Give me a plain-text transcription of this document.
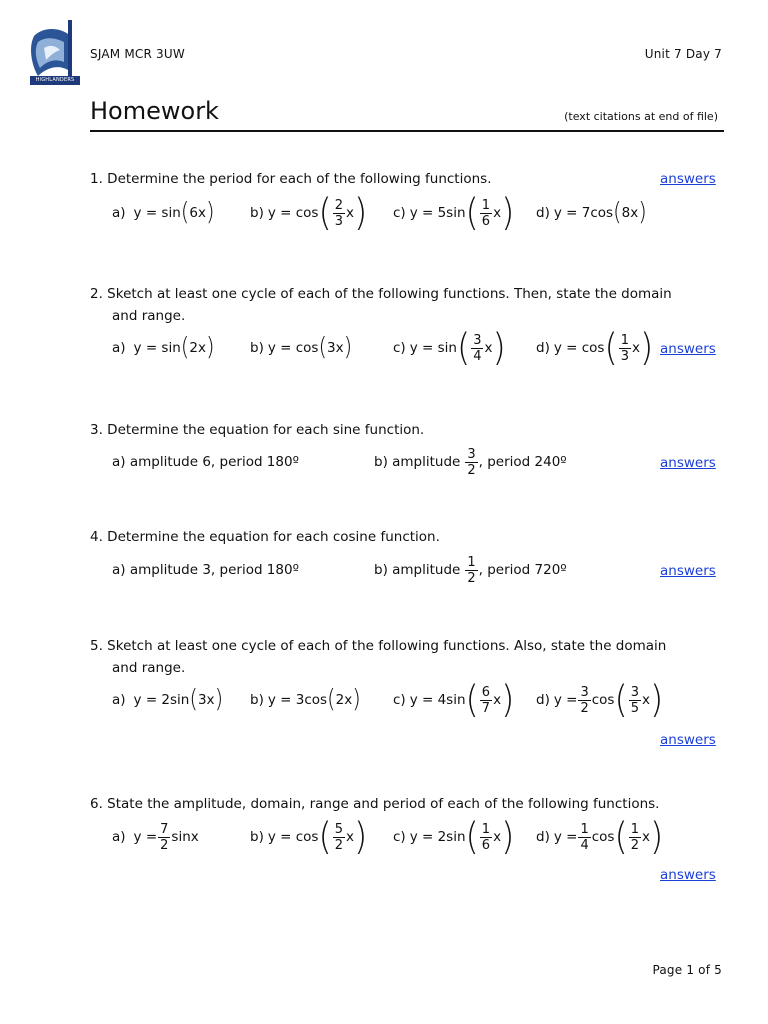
HIGHLANDERS
SJAM MCR 3UW	Unit 7 Day 7
Homework	(text citations at end of file)
1. Determine the period for each of the following functions.	answers
a) y = sin ( 6x )	b) y = cos ( $\frac{2}{3}$ x ) c) y = 5sin ( $\frac{1}{6}$ x ) d) y = 7cos ( 8x )
2. Sketch at least one cycle of each of the following functions. Then, state the domain
and range.
a) y = sin ( 2x )	b) y = cos ( 3x )	c) y = sin ( $\frac{3}{4}$ x ) d) y = cos ( $\frac{1}{3}$ x ) answers
3. Determine the equation for each sine function.
a) amplitude 6, period 180º	b) amplitude $\frac{3}{2}$ , period 240º	answers
4. Determine the equation for each cosine function.
a) amplitude 3, period 180º	b) amplitude $\frac{1}{2}$ , period 720º	answers
5. Sketch at least one cycle of each of the following functions. Also, state the domain
and range.
a) y = 2sin ( 3x ) b) y = 3cos ( 2x ) c) y = 4sin ( $\frac{6}{7}$ x ) d) $y = \frac{3}{2}$ cos ( $\frac{3}{5}$ x )
answers
6. State the amplitude, domain, range and period of each of the following functions.
a) $y = \frac{7}{2}$ sinx	b) y = cos ( $\frac{5}{2}$ x ) c) y = 2sin ( $\frac{1}{6}$ x ) d) $y = \frac{1}{4}$ cos ( $\frac{1}{2}$ x )
answers
Page 1 of 5
